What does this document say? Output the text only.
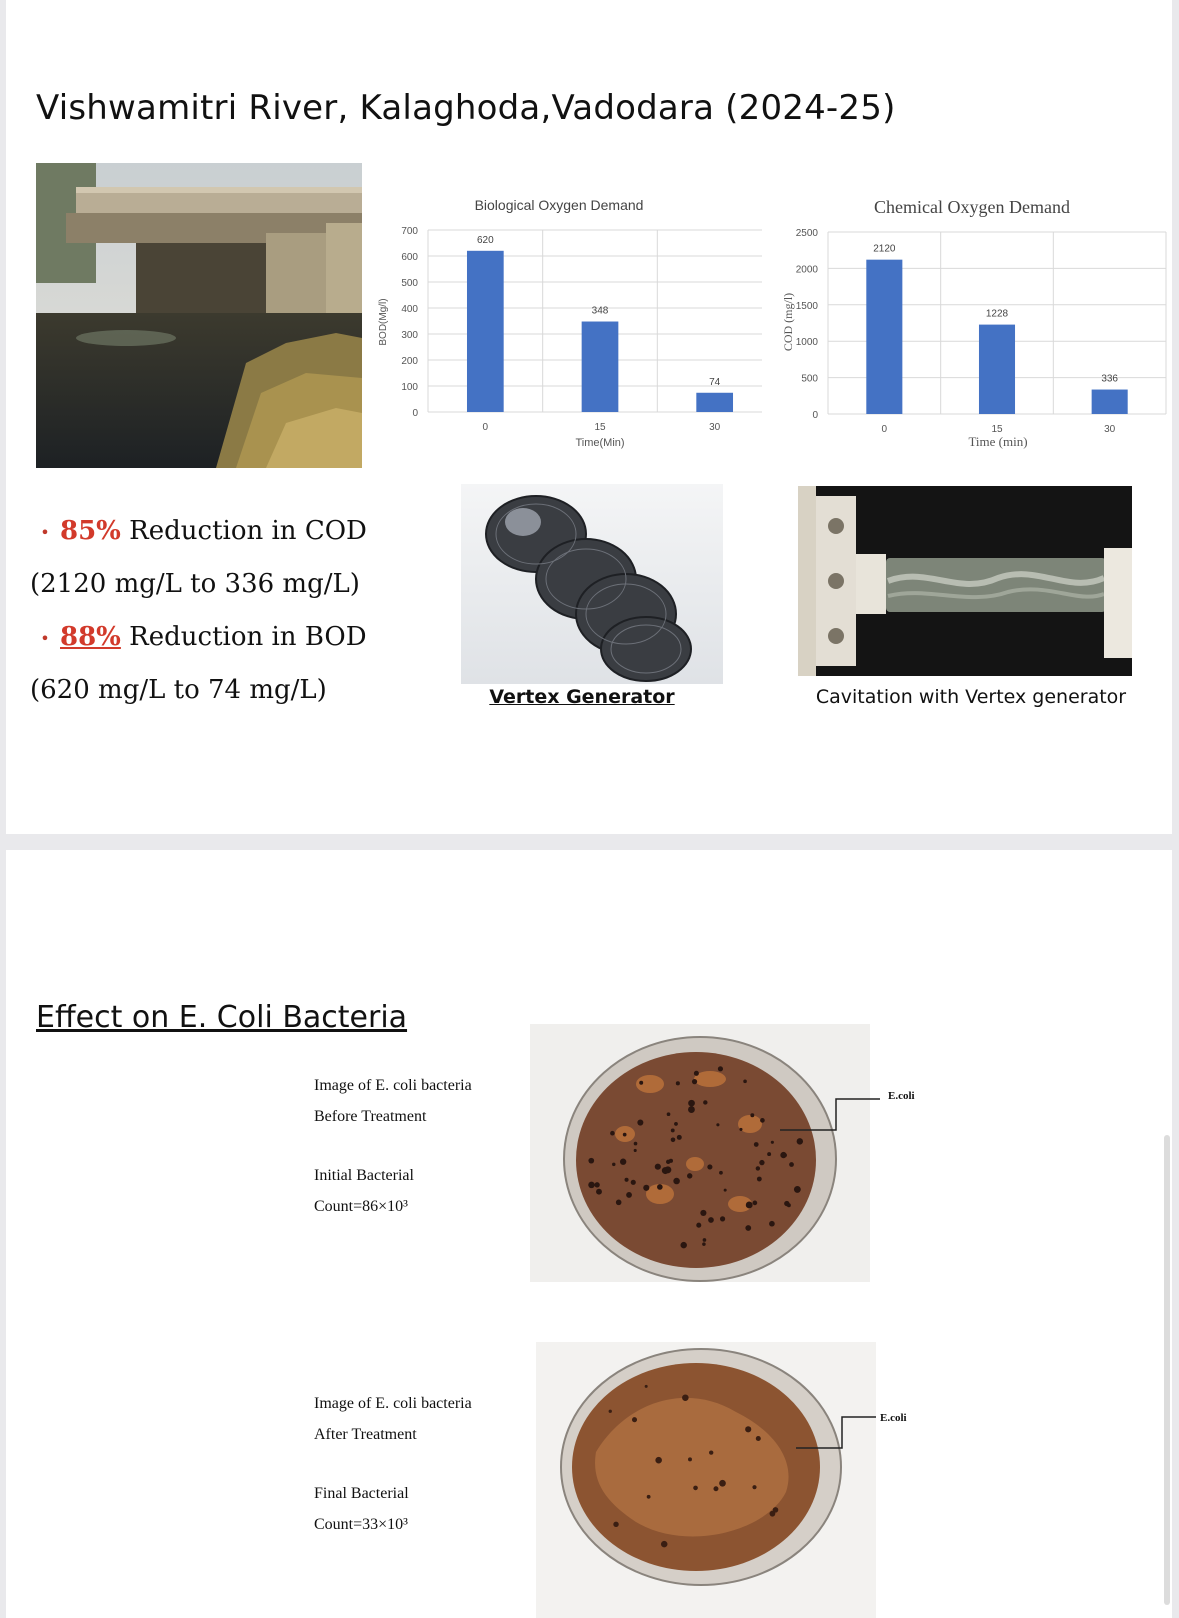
Vishwamitri River, Kalaghoda,Vadodara (2024-25)
Biological Oxygen Demand
0
100
200
300
400
500
600
700
620
348
74
0	15	30
Time(Min)
BOD(Mg/l)
Chemical Oxygen Demand
0
500
1000
1500
2000
2500
2120
1228
336
0	15	30
Time (min)
COD (mg/l)
• 85% Reduction in COD
(2120 mg/L to 336 mg/L)
• 88% Reduction in BOD
(620 mg/L to 74 mg/L)	Vertex Generator	Cavitation with Vertex generator
Effect on E. Coli Bacteria
Image of E. coli bacteria
Before Treatment
Initial Bacterial
Count=86×10³
Image of E. coli bacteria
After Treatment
Final Bacterial
Count=33×10³
E.coli
E.coli
